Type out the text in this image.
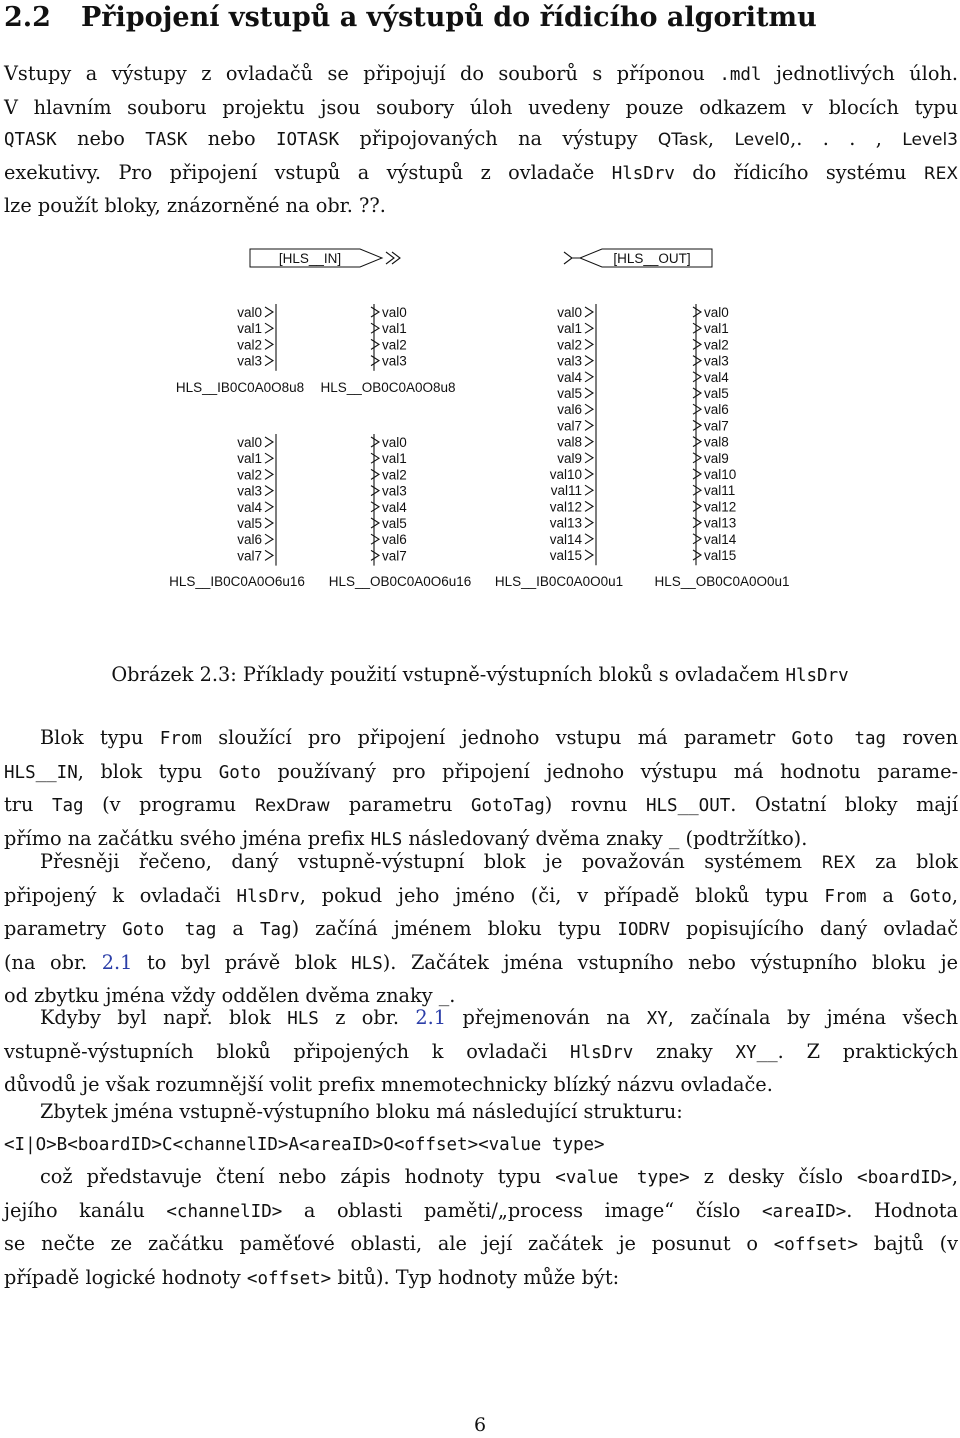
2.2 Připojení vstupů a výstupů do řídicího algoritmu
Vstupy a výstupy z ovladačů se připojují do souborů s příponou .mdl jednotlivých úloh.
V hlavním souboru projektu jsou soubory úloh uvedeny pouze odkazem v blocích typu
QTASK nebo TASK nebo IOTASK připojovaných na výstupy QTask, Level0,. . . , Level3
exekutivy. Pro připojení vstupů a výstupů z ovladače HlsDrv do řídicího systému REX
lze použít bloky, znázorněné na obr. ??.
[HLS__IN]	[HLS__OUT]
val0
val1
val2
val3
HLS__IB0C0A0O8u8
val0
val1
val2
val3
HLS__OB0C0A0O8u8
val0
val1
val2
val3
val4
val5
val6
val7
HLS__IB0C0A0O6u16
val0
val1
val2
val3
val4
val5
val6
val7
HLS__OB0C0A0O6u16
val0
val1
val2
val3
val4
val5
val6
val7
val8
val9
val10
val11
val12
val13
val14
val15
HLS__IB0C0A0O0u1
val0
val1
val2
val3
val4
val5
val6
val7
val8
val9
val10
val11
val12
val13
val14
val15
HLS__OB0C0A0O0u1
Obrázek 2.3: Příklady použití vstupně-výstupních bloků s ovladačem HlsDrv
Blok typu From sloužící pro připojení jednoho vstupu má parametr Goto tag roven
HLS__IN, blok typu Goto používaný pro připojení jednoho výstupu má hodnotu parame-
tru Tag (v programu RexDraw parametru GotoTag) rovnu HLS__OUT. Ostatní bloky mají
přímo na začátku svého jména prefix HLS následovaný dvěma znaky _ (podtržítko).
Přesněji řečeno, daný vstupně-výstupní blok je považován systémem REX za blok
připojený k ovladači HlsDrv, pokud jeho jméno (či, v případě bloků typu From a Goto,
parametry Goto tag a Tag) začíná jménem bloku typu IODRV popisujícího daný ovladač
(na obr. 2.1 to byl právě blok HLS). Začátek jména vstupního nebo výstupního bloku je
od zbytku jména vždy oddělen dvěma znaky _.
Kdyby byl např. blok HLS z obr. 2.1 přejmenován na XY, začínala by jména všech
vstupně-výstupních bloků připojených k ovladači HlsDrv znaky XY__. Z praktických
důvodů je však rozumnější volit prefix mnemotechnicky blízký názvu ovladače.
Zbytek jména vstupně-výstupního bloku má následující strukturu:
<I|O>B<boardID>C<channelID>A<areaID>O<offset><value type>
což představuje čtení nebo zápis hodnoty typu <value type> z desky číslo <boardID>,
jejího kanálu <channelID> a oblasti paměti/„process image“ číslo <areaID>. Hodnota
se nečte ze začátku paměťové oblasti, ale její začátek je posunut o <offset> bajtů (v
případě logické hodnoty <offset> bitů). Typ hodnoty může být:
6
